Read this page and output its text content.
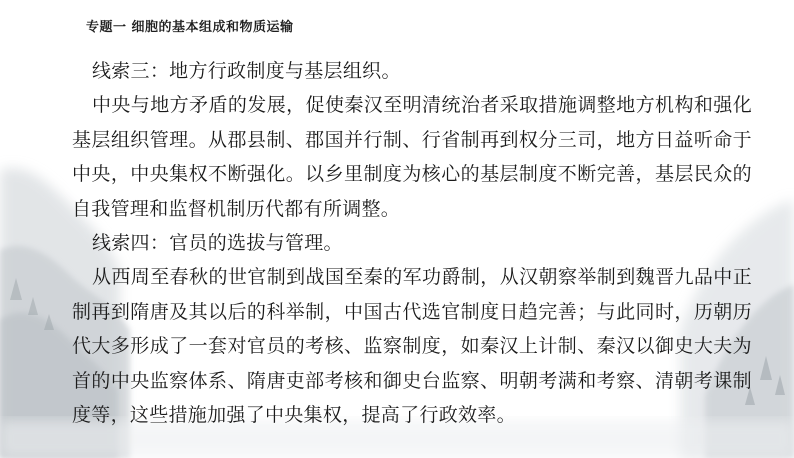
专题一 细胞的基本组成和物质运输

线索三：地方行政制度与基层组织。

中央与地方矛盾的发展，促使秦汉至明清统治者采取措施调整地方机构和强化基层组织管理。从郡县制、郡国并行制、行省制再到权分三司，地方日益听命于中央，中央集权不断强化。以乡里制度为核心的基层制度不断完善，基层民众的自我管理和监督机制历代都有所调整。

线索四：官员的选拔与管理。

从西周至春秋的世官制到战国至秦的军功爵制，从汉朝察举制到魏晋九品中正制再到隋唐及其以后的科举制，中国古代选官制度日趋完善；与此同时，历朝历代大多形成了一套对官员的考核、监察制度，如秦汉上计制、秦汉以御史大夫为首的中央监察体系、隋唐吏部考核和御史台监察、明朝考满和考察、清朝考课制度等，这些措施加强了中央集权，提高了行政效率。
